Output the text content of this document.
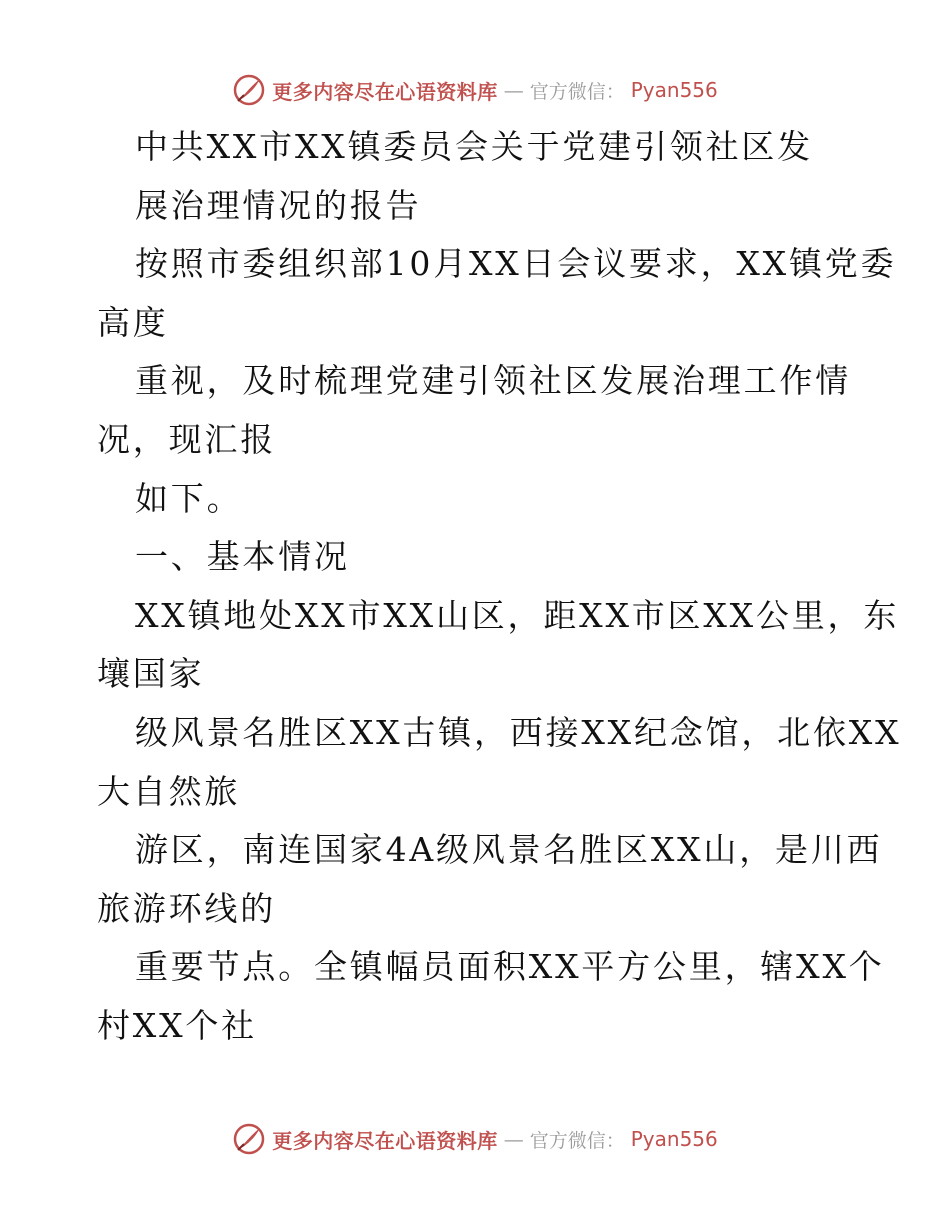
更多内容尽在心语资料库 — 官方微信： Pyan556
中共XX市XX镇委员会关于党建引领社区发
展治理情况的报告
按照市委组织部10月XX日会议要求，XX镇党委
高度
重视，及时梳理党建引领社区发展治理工作情
况，现汇报
如下。
一、基本情况
XX镇地处XX市XX山区，距XX市区XX公里，东
壤国家
级风景名胜区XX古镇，西接XX纪念馆，北依XX
大自然旅
游区，南连国家4A级风景名胜区XX山，是川西
旅游环线的
重要节点。全镇幅员面积XX平方公里，辖XX个
村XX个社
更多内容尽在心语资料库 — 官方微信： Pyan556
